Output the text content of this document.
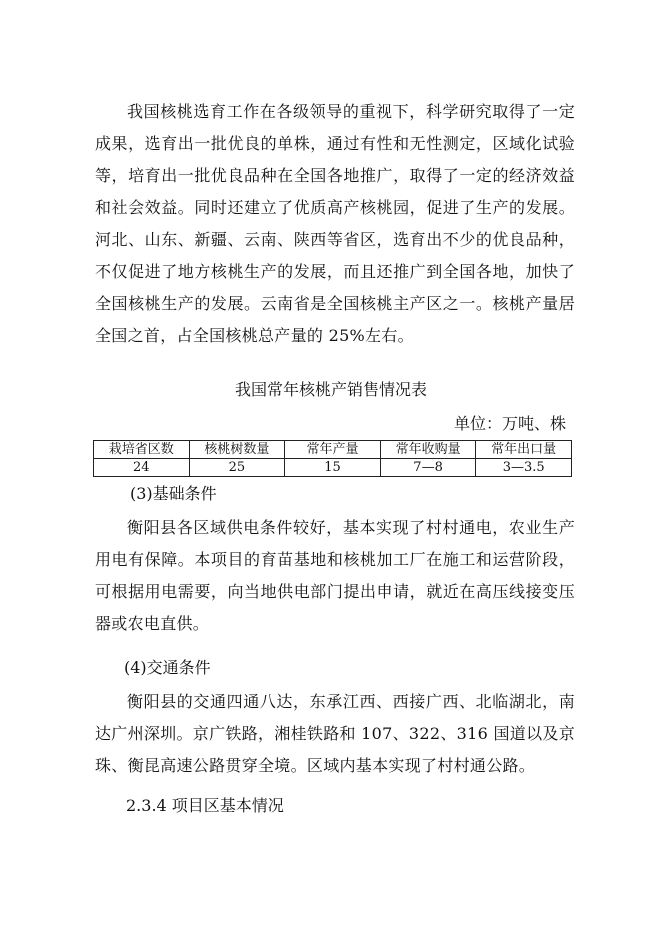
我国核桃选育工作在各级领导的重视下，科学研究取得了一定成果，选育出一批优良的单株，通过有性和无性测定，区域化试验等，培育出一批优良品种在全国各地推广，取得了一定的经济效益和社会效益。同时还建立了优质高产核桃园，促进了生产的发展。河北、山东、新疆、云南、陕西等省区，选育出不少的优良品种，不仅促进了地方核桃生产的发展，而且还推广到全国各地，加快了全国核桃生产的发展。云南省是全国核桃主产区之一。核桃产量居全国之首，占全国核桃总产量的 25%左右。

我国常年核桃产销售情况表

单位：万吨、株

栽培省区数	核桃树数量	常年产量	常年收购量	常年出口量
24	25	15	7—8	3—3.5

(3)基础条件

衡阳县各区域供电条件较好，基本实现了村村通电，农业生产用电有保障。本项目的育苗基地和核桃加工厂在施工和运营阶段，可根据用电需要，向当地供电部门提出申请，就近在高压线接变压器或农电直供。

(4)交通条件

衡阳县的交通四通八达，东承江西、西接广西、北临湖北，南达广州深圳。京广铁路，湘桂铁路和 107、322、316 国道以及京珠、衡昆高速公路贯穿全境。区域内基本实现了村村通公路。

2.3.4 项目区基本情况
